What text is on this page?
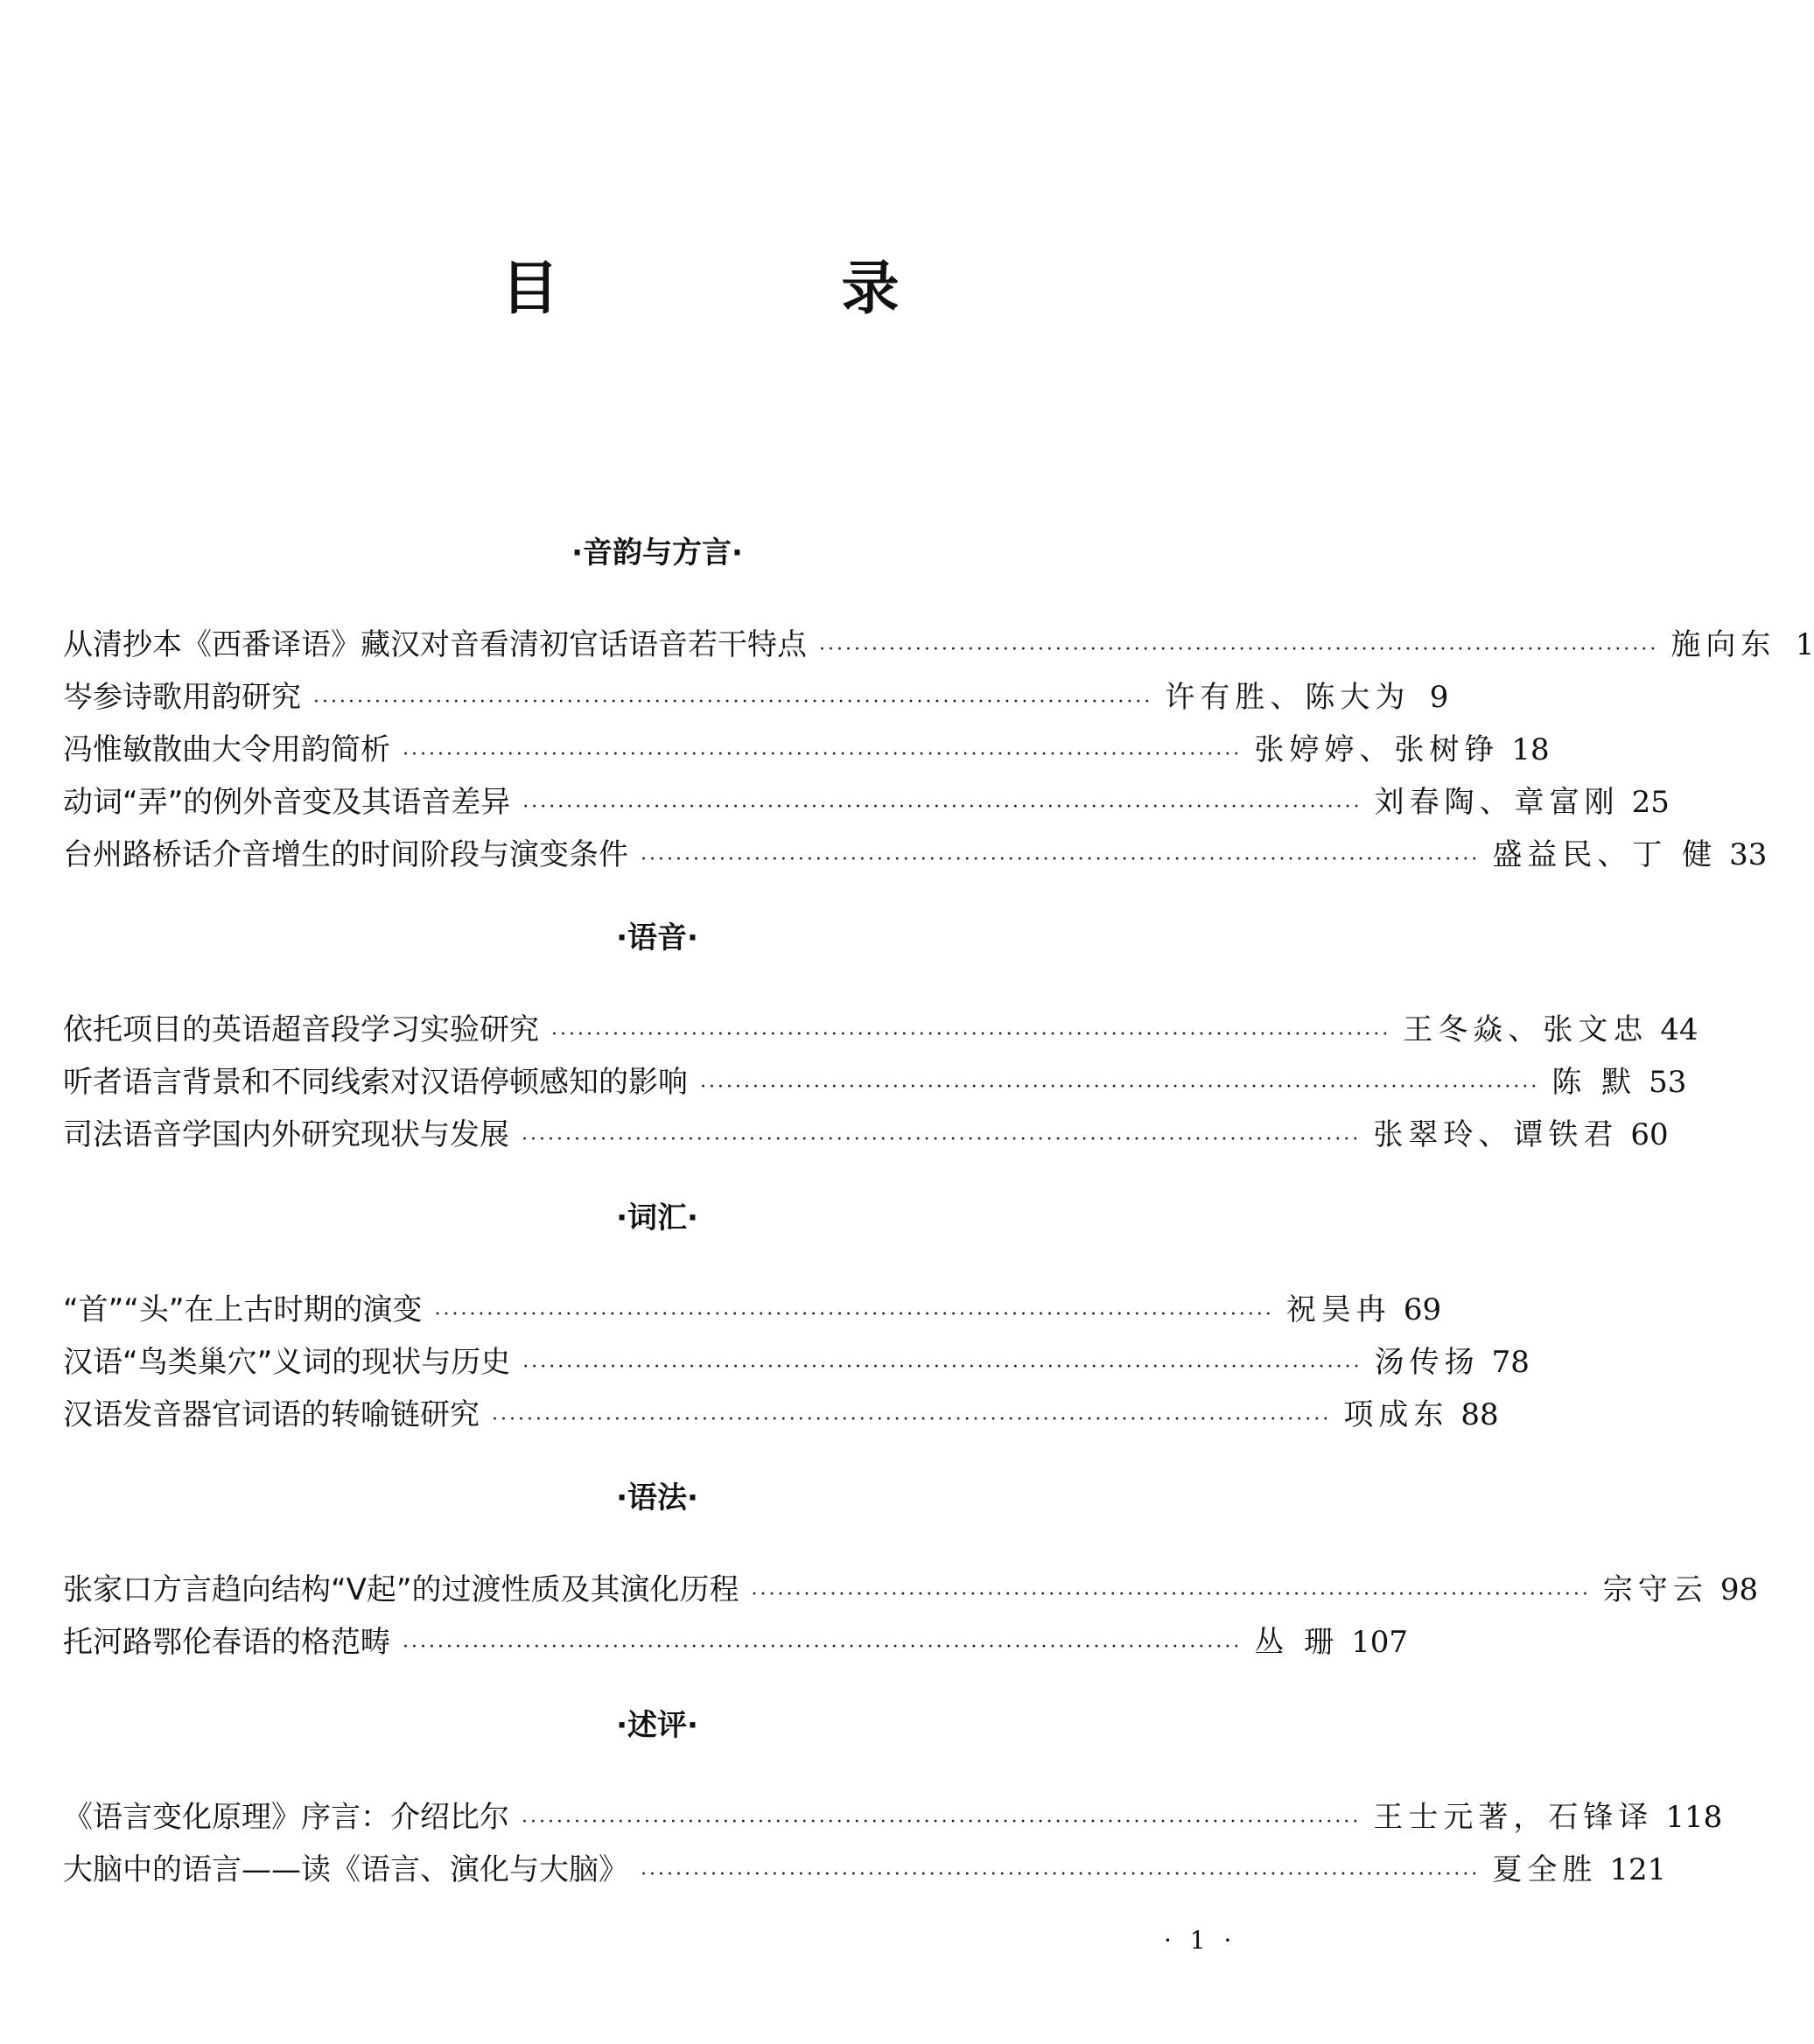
目 录
·音韵与方言·
从清抄本《西番译语》藏汉对音看清初官话语音若干特点 ································································································ 施向东 1
岑参诗歌用韵研究 ································································································ 许有胜、陈大为 9
冯惟敏散曲大令用韵简析 ································································································ 张婷婷、张树铮 18
动词“弄”的例外音变及其语音差异 ································································································ 刘春陶、章富刚 25
台州路桥话介音增生的时间阶段与演变条件 ································································································ 盛益民、丁 健 33
·语音·
依托项目的英语超音段学习实验研究 ································································································ 王冬焱、张文忠 44
听者语言背景和不同线索对汉语停顿感知的影响 ································································································ 陈 默 53
司法语音学国内外研究现状与发展 ································································································ 张翠玲、谭铁君 60
·词汇·
“首”“头”在上古时期的演变 ································································································ 祝昊冉 69
汉语“鸟类巢穴”义词的现状与历史 ································································································ 汤传扬 78
汉语发音器官词语的转喻链研究 ································································································ 项成东 88
·语法·
张家口方言趋向结构“V起”的过渡性质及其演化历程 ································································································ 宗守云 98
托河路鄂伦春语的格范畴 ································································································ 丛 珊 107
·述评·
《语言变化原理》序言：介绍比尔 ································································································ 王士元著，石锋译 118
大脑中的语言——读《语言、演化与大脑》 ································································································ 夏全胜 121
· 1 ·
